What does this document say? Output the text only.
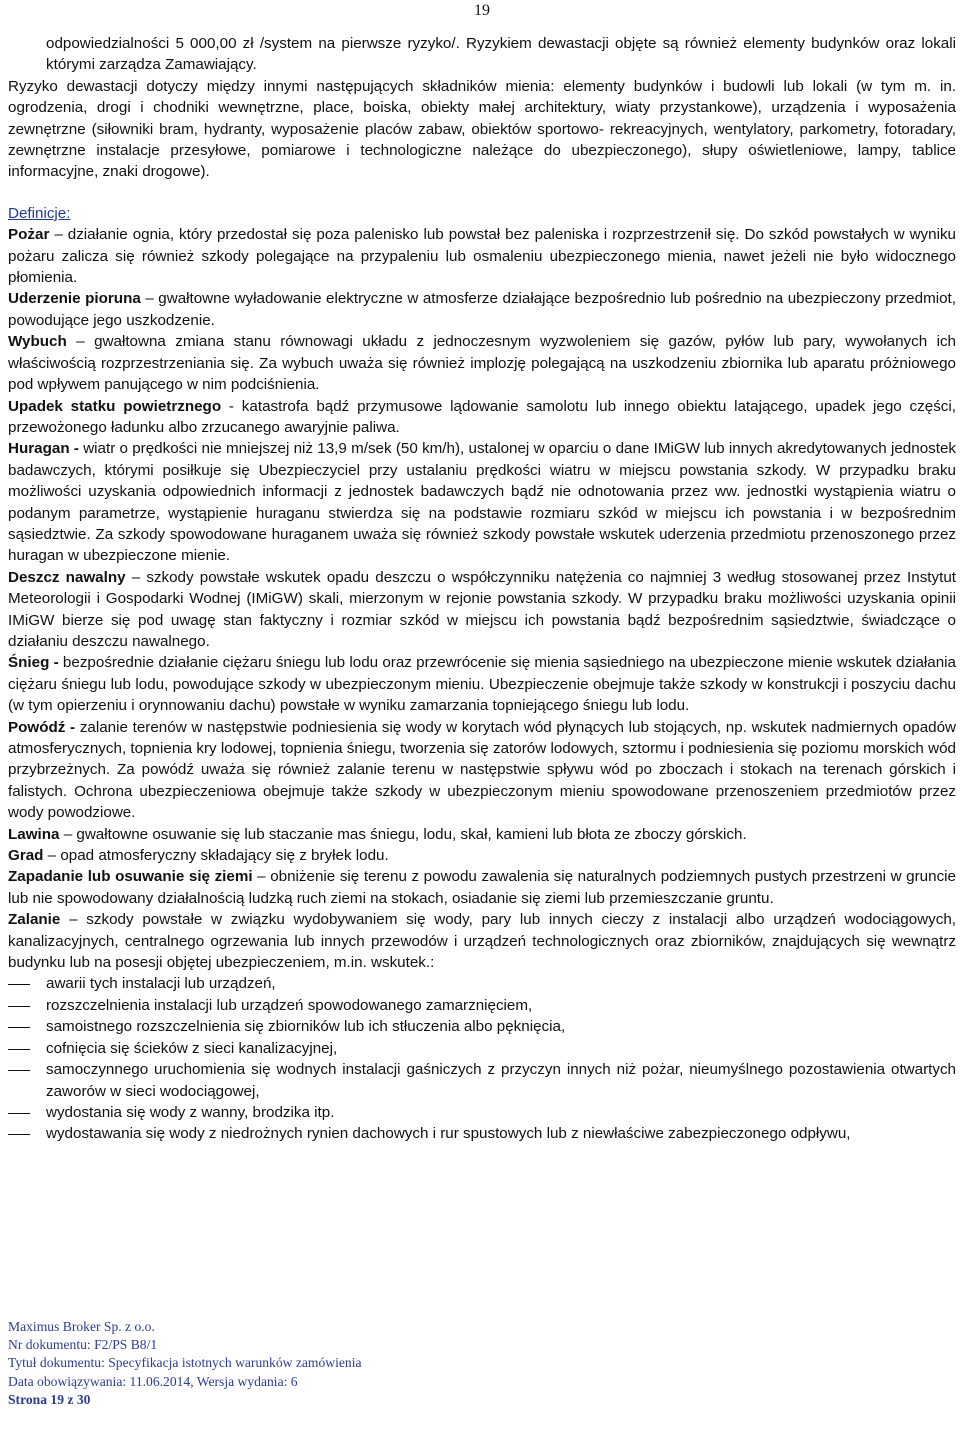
19

odpowiedzialności 5 000,00 zł /system na pierwsze ryzyko/. Ryzykiem dewastacji objęte są również elementy budynków oraz lokali którymi zarządza Zamawiający.

Ryzyko dewastacji dotyczy między innymi następujących składników mienia: elementy budynków i budowli lub lokali (w tym m. in. ogrodzenia, drogi i chodniki wewnętrzne, place, boiska, obiekty małej architektury, wiaty przystankowe), urządzenia i wyposażenia zewnętrzne (siłowniki bram, hydranty, wyposażenie placów zabaw, obiektów sportowo- rekreacyjnych, wentylatory, parkometry, fotoradary, zewnętrzne instalacje przesyłowe, pomiarowe i technologiczne należące do ubezpieczonego), słupy oświetleniowe, lampy, tablice informacyjne, znaki drogowe).

Definicje:

Pożar – działanie ognia, który przedostał się poza palenisko lub powstał bez paleniska i rozprzestrzenił się. Do szkód powstałych w wyniku pożaru zalicza się również szkody polegające na przypaleniu lub osmaleniu ubezpieczonego mienia, nawet jeżeli nie było widocznego płomienia.

Uderzenie pioruna – gwałtowne wyładowanie elektryczne w atmosferze działające bezpośrednio lub pośrednio na ubezpieczony przedmiot, powodujące jego uszkodzenie.

Wybuch – gwałtowna zmiana stanu równowagi układu z jednoczesnym wyzwoleniem się gazów, pyłów lub pary, wywołanych ich właściwością rozprzestrzeniania się. Za wybuch uważa się również implozję polegającą na uszkodzeniu zbiornika lub aparatu próżniowego pod wpływem panującego w nim podciśnienia.

Upadek statku powietrznego - katastrofa bądź przymusowe lądowanie samolotu lub innego obiektu latającego, upadek jego części, przewożonego ładunku albo zrzucanego awaryjnie paliwa.

Huragan - wiatr o prędkości nie mniejszej niż 13,9 m/sek (50 km/h), ustalonej w oparciu o dane IMiGW lub innych akredytowanych jednostek badawczych, którymi posiłkuje się Ubezpieczyciel przy ustalaniu prędkości wiatru w miejscu powstania szkody. W przypadku braku możliwości uzyskania odpowiednich informacji z jednostek badawczych bądź nie odnotowania przez ww. jednostki wystąpienia wiatru o podanym parametrze, wystąpienie huraganu stwierdza się na podstawie rozmiaru szkód w miejscu ich powstania i w bezpośrednim sąsiedztwie. Za szkody spowodowane huraganem uważa się również szkody powstałe wskutek uderzenia przedmiotu przenoszonego przez huragan w ubezpieczone mienie.

Deszcz nawalny – szkody powstałe wskutek opadu deszczu o współczynniku natężenia co najmniej 3 według stosowanej przez Instytut Meteorologii i Gospodarki Wodnej (IMiGW) skali, mierzonym w rejonie powstania szkody. W przypadku braku możliwości uzyskania opinii IMiGW bierze się pod uwagę stan faktyczny i rozmiar szkód w miejscu ich powstania bądź bezpośrednim sąsiedztwie, świadczące o działaniu deszczu nawalnego.

Śnieg - bezpośrednie działanie ciężaru śniegu lub lodu oraz przewrócenie się mienia sąsiedniego na ubezpieczone mienie wskutek działania ciężaru śniegu lub lodu, powodujące szkody w ubezpieczonym mieniu. Ubezpieczenie obejmuje także szkody w konstrukcji i poszyciu dachu (w tym opierzeniu i orynnowaniu dachu) powstałe w wyniku zamarzania topniejącego śniegu lub lodu.

Powódź - zalanie terenów w następstwie podniesienia się wody w korytach wód płynących lub stojących, np. wskutek nadmiernych opadów atmosferycznych, topnienia kry lodowej, topnienia śniegu, tworzenia się zatorów lodowych, sztormu i podniesienia się poziomu morskich wód przybrzeżnych. Za powódź uważa się również zalanie terenu w następstwie spływu wód po zboczach i stokach na terenach górskich i falistych. Ochrona ubezpieczeniowa obejmuje także szkody w ubezpieczonym mieniu spowodowane przenoszeniem przedmiotów przez wody powodziowe.

Lawina – gwałtowne osuwanie się lub staczanie mas śniegu, lodu, skał, kamieni lub błota ze zboczy górskich.

Grad – opad atmosferyczny składający się z bryłek lodu.

Zapadanie lub osuwanie się ziemi – obniżenie się terenu z powodu zawalenia się naturalnych podziemnych pustych przestrzeni w gruncie lub nie spowodowany działalnością ludzką ruch ziemi na stokach, osiadanie się ziemi lub przemieszczanie gruntu.

Zalanie – szkody powstałe w związku wydobywaniem się wody, pary lub innych cieczy z instalacji albo urządzeń wodociągowych, kanalizacyjnych, centralnego ogrzewania lub innych przewodów i urządzeń technologicznych oraz zbiorników, znajdujących się wewnątrz budynku lub na posesji objętej ubezpieczeniem, m.in. wskutek.:

awarii tych instalacji lub urządzeń,
rozszczelnienia instalacji lub urządzeń spowodowanego zamarznięciem,
samoistnego rozszczelnienia się zbiorników lub ich stłuczenia albo pęknięcia,
cofnięcia się ścieków z sieci kanalizacyjnej,
samoczynnego uruchomienia się wodnych instalacji gaśniczych z przyczyn innych niż pożar, nieumyślnego pozostawienia otwartych zaworów w sieci wodociągowej,
wydostania się wody z wanny, brodzika itp.
wydostawania się wody z niedrożnych rynien dachowych i rur spustowych lub z niewłaściwe zabezpieczonego odpływu,
Maximus Broker Sp. z o.o.
Nr dokumentu: F2/PS B8/1
Tytuł dokumentu: Specyfikacja istotnych warunków zamówienia
Data obowiązywania: 11.06.2014, Wersja wydania: 6
Strona 19 z 30
